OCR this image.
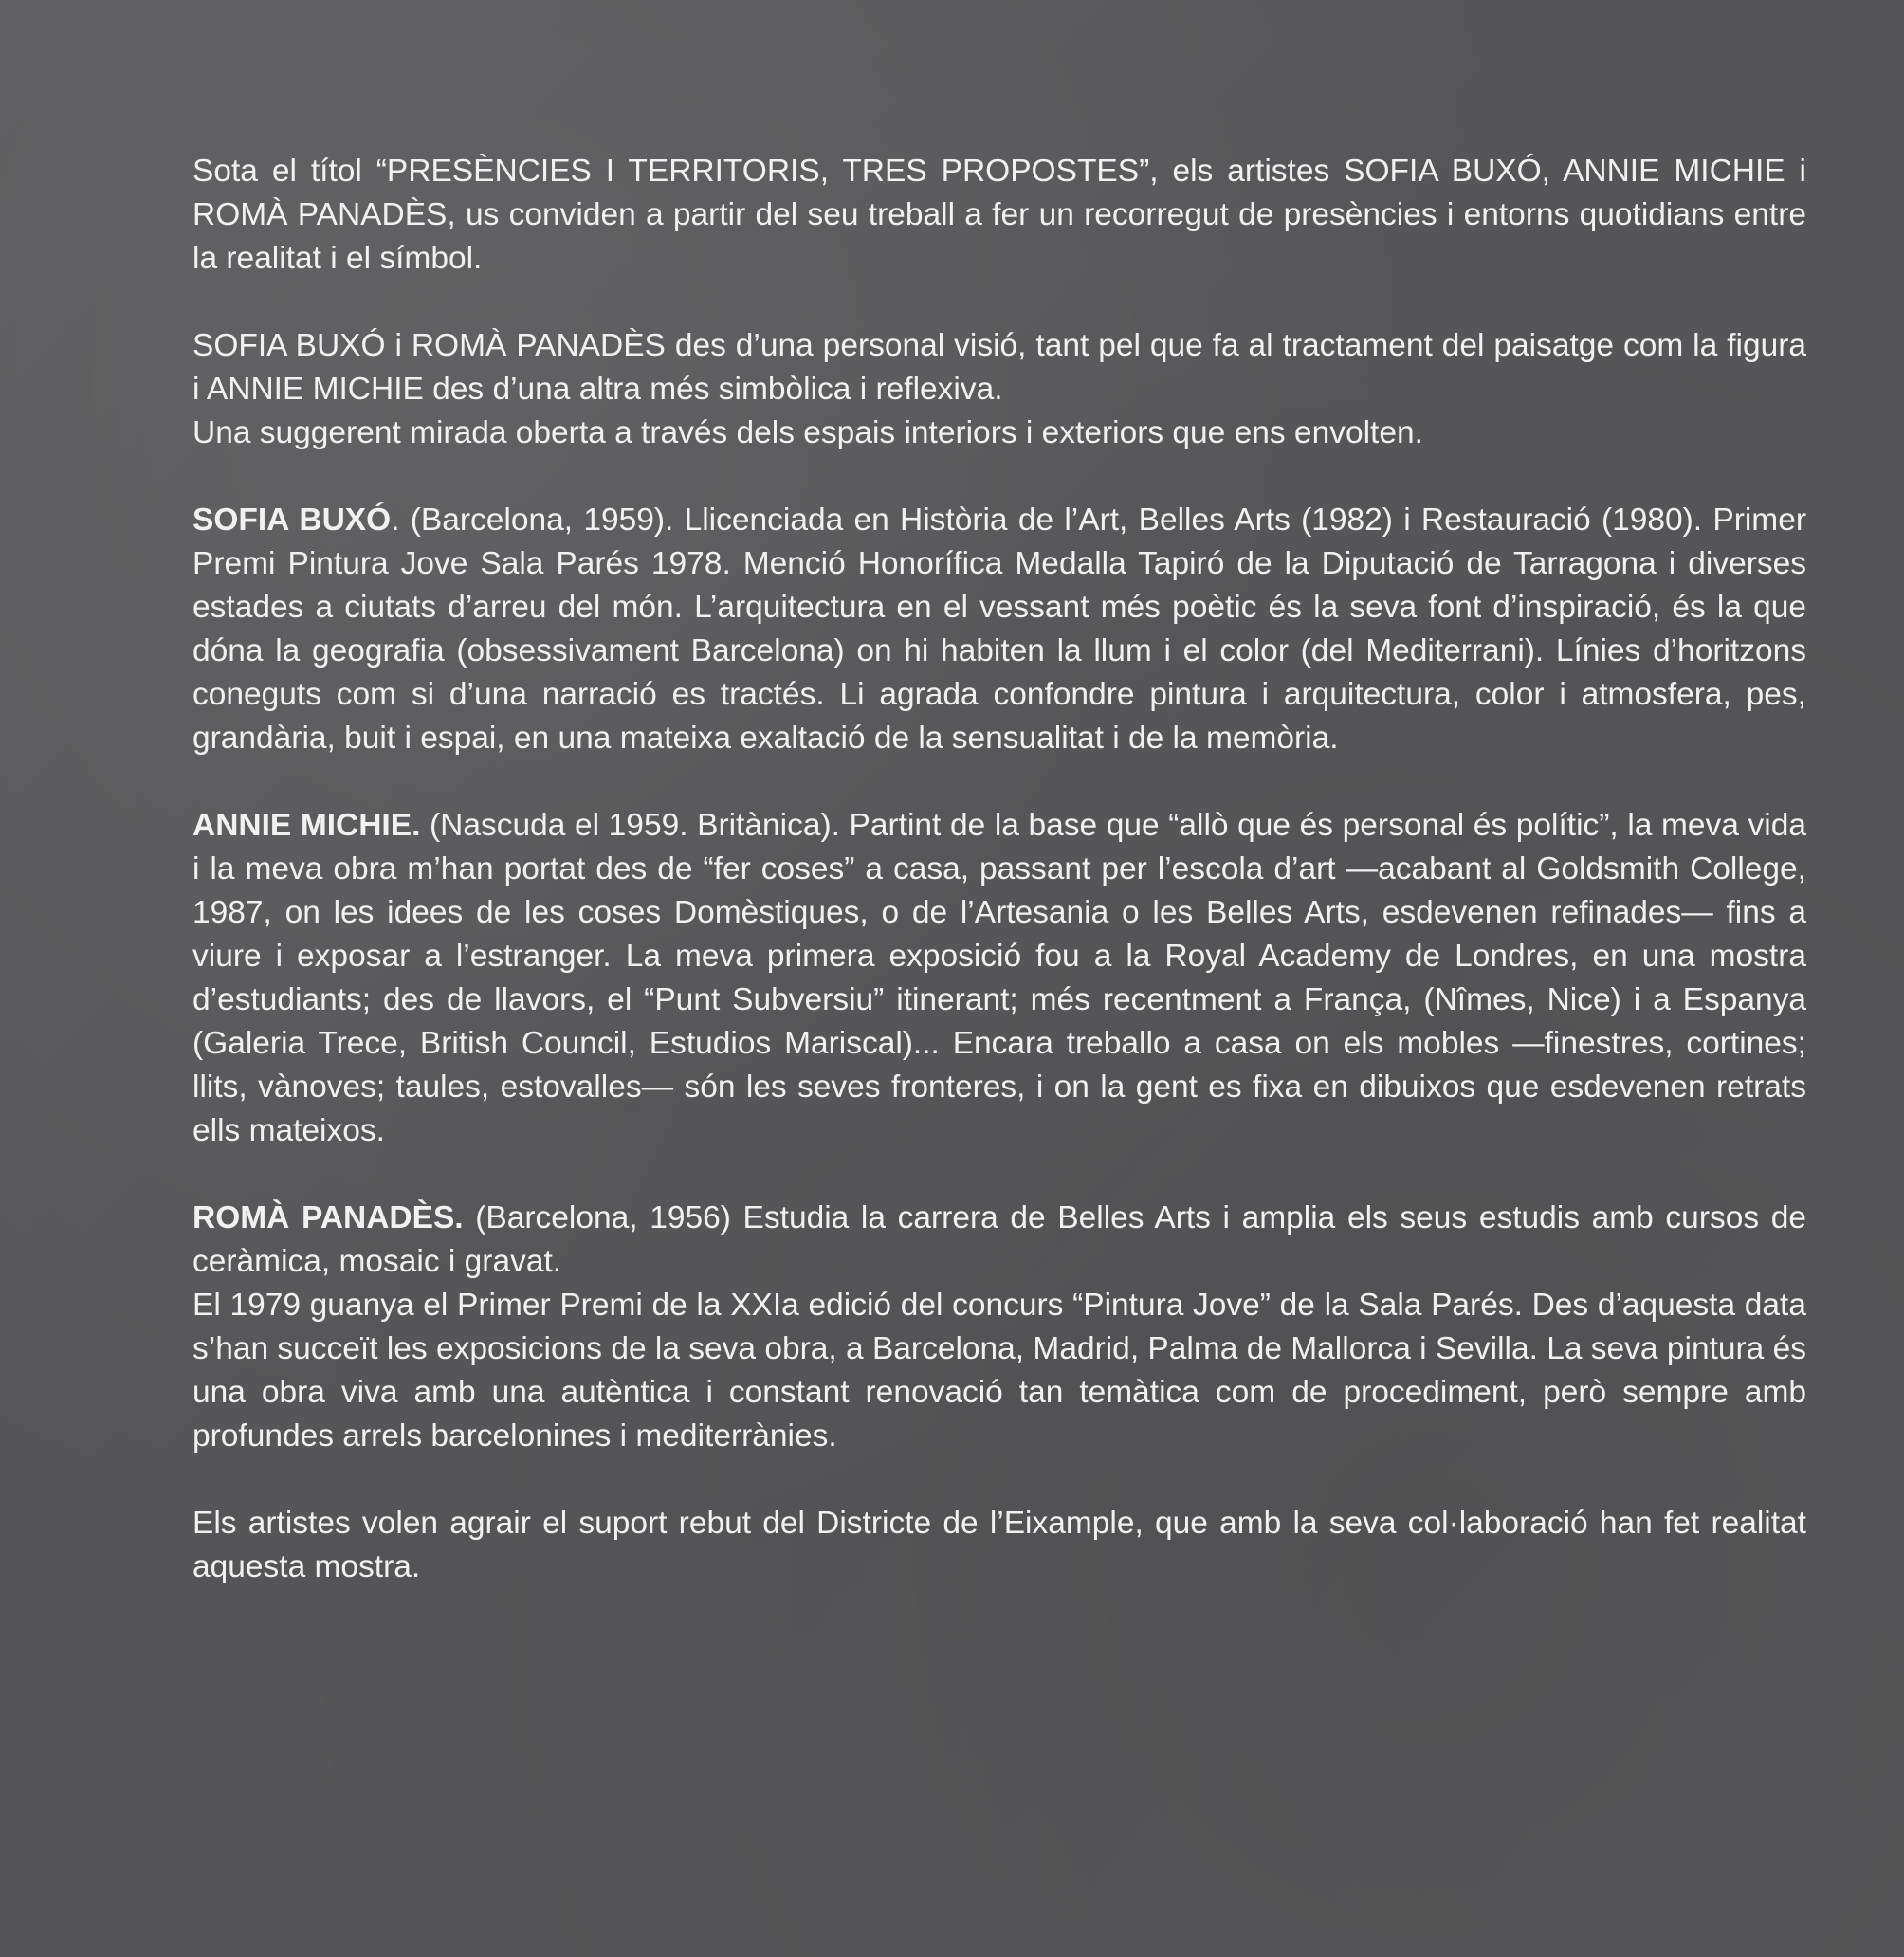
Sota el títol “PRESÈNCIES I TERRITORIS, TRES PROPOSTES”, els artistes SOFIA BUXÓ, ANNIE MICHIE i ROMÀ PANADÈS, us conviden a partir del seu treball a fer un recorregut de presències i entorns quotidians entre la realitat i el símbol.

SOFIA BUXÓ i ROMÀ PANADÈS des d’una personal visió, tant pel que fa al tractament del paisatge com la figura i ANNIE MICHIE des d’una altra més simbòlica i reflexiva.

Una suggerent mirada oberta a través dels espais interiors i exteriors que ens envolten.

SOFIA BUXÓ. (Barcelona, 1959). Llicenciada en Història de l’Art, Belles Arts (1982) i Restauració (1980). Primer Premi Pintura Jove Sala Parés 1978. Menció Honorífica Medalla Tapiró de la Diputació de Tarragona i diverses estades a ciutats d’arreu del món. L’arquitectura en el vessant més poètic és la seva font d’inspiració, és la que dóna la geografia (obsessivament Barcelona) on hi habiten la llum i el color (del Mediterrani). Línies d’horitzons coneguts com si d’una narració es tractés. Li agrada confondre pintura i arquitectura, color i atmosfera, pes, grandària, buit i espai, en una mateixa exaltació de la sensualitat i de la memòria.

ANNIE MICHIE. (Nascuda el 1959. Britànica). Partint de la base que “allò que és personal és polític”, la meva vida i la meva obra m’han portat des de “fer coses” a casa, passant per l’escola d’art —acabant al Goldsmith College, 1987, on les idees de les coses Domèstiques, o de l’Artesania o les Belles Arts, esdevenen refinades— fins a viure i exposar a l’estranger. La meva primera exposició fou a la Royal Academy de Londres, en una mostra d’estudiants; des de llavors, el “Punt Subversiu” itinerant; més recentment a França, (Nîmes, Nice) i a Espanya (Galeria Trece, British Council, Estudios Mariscal)... Encara treballo a casa on els mobles —finestres, cortines; llits, vànoves; taules, estovalles— són les seves fronteres, i on la gent es fixa en dibuixos que esdevenen retrats ells mateixos.

ROMÀ PANADÈS. (Barcelona, 1956) Estudia la carrera de Belles Arts i amplia els seus estudis amb cursos de ceràmica, mosaic i gravat.

El 1979 guanya el Primer Premi de la XXIa edició del concurs “Pintura Jove” de la Sala Parés. Des d’aquesta data s’han succeït les exposicions de la seva obra, a Barcelona, Madrid, Palma de Mallorca i Sevilla. La seva pintura és una obra viva amb una autèntica i constant renovació tan temàtica com de procediment, però sempre amb profundes arrels barcelonines i mediterrànies.

Els artistes volen agrair el suport rebut del Districte de l’Eixample, que amb la seva col·laboració han fet realitat aquesta mostra.
